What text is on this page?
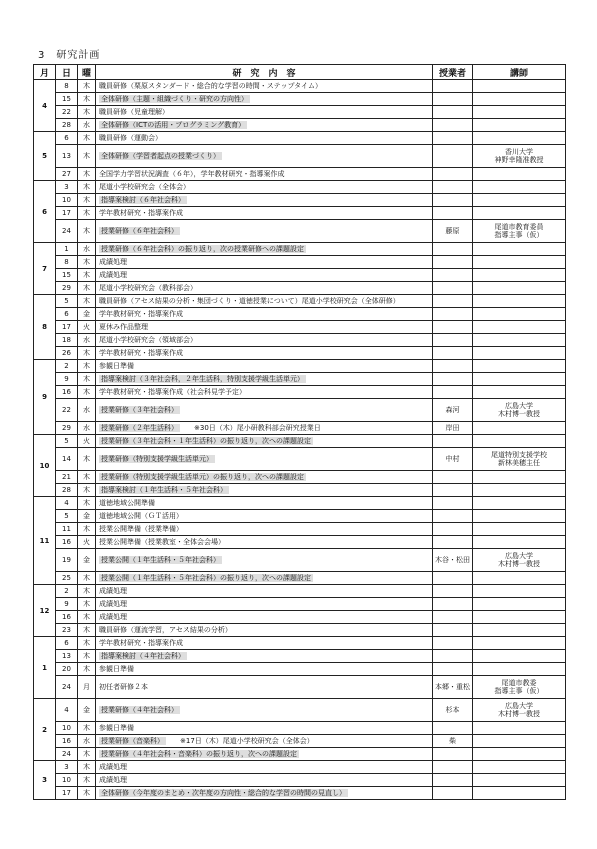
3　研究計画
月	日	曜	研　究　内　容	授業者	講師
4	8	木	職員研修（栗原スタンダード・総合的な学習の時間・ステップタイム）		
	15	木	全体研修（主題・組織づくり・研究の方向性）		
	22	木	職員研修（児童理解）		
	28	水	全体研修（ICTの活用・プログラミング教育）		
5	6	木	職員研修（運動会）		
	13	木	全体研修（学習者起点の授業づくり）		香川大学
神野幸隆准教授

	27	木	全国学力学習状況調査（６年），学年教材研究・指導案作成		
6	3	木	尾道小学校研究会（全体会）		
	10	木	指導案検討（６年社会科）		
	17	木	学年教材研究・指導案作成		
	24	木	授業研修（６年社会科）	藤原	尾道市教育委員
指導主事（仮）

7	1	水	授業研修（６年社会科）の振り返り，次の授業研修への課題設定		
	8	木	成績処理		
	15	木	成績処理		
	29	木	尾道小学校研究会（教科部会）		
8	5	木	職員研修（アセス結果の分析・集団づくり・道徳授業について）尾道小学校研究会（全体研修）		
	6	金	学年教材研究・指導案作成		
	17	火	夏休み作品整理		
	18	水	尾道小学校研究会（領域部会）		
	26	木	学年教材研究・指導案作成		
9	2	木	参観日準備		
	9	木	指導案検討（３年社会科，２年生活科，特別支援学級生活単元）		
	16	木	学年教材研究・指導案作成（社会科見学予定）		
	22	水	授業研修（３年社会科）	森河	広島大学
木村博一教授

	29	水	授業研修（２年生活科） ※30日（木）尾小研教科部会研究授業日	岸田	
10	5	火	授業研修（３年社会科・１年生活科）の振り返り，次への課題設定		
	14	木	授業研修（特別支援学級生活単元）	中村	尾道特別支援学校
新林美穂主任

	21	木	授業研修（特別支援学級生活単元）の振り返り，次への課題設定		
	28	木	指導案検討（１年生活科・５年社会科）		
11	4	木	道徳地域公開準備		
	5	金	道徳地域公開（ＧＴ活用）		
	11	木	授業公開準備（授業準備）		
	16	火	授業公開準備（授業教室・全体会会場）		
	19	金	授業公開（１年生活科・５年社会科）	木谷・松田	広島大学
木村博一教授

	25	木	授業公開（１年生活科・５年社会科）の振り返り，次への課題設定		
12	2	木	成績処理		
	9	木	成績処理		
	16	木	成績処理		
	23	木	職員研修（運流学習，アセス結果の分析）		
1	6	木	学年教材研究・指導案作成		
	13	木	指導案検討（４年社会科）		
	20	木	参観日準備		
	24	月	初任者研修２本	本郷・重松	尾道市教委
指導主事（仮）

2	4	金	授業研修（４年社会科）	杉本	広島大学
木村博一教授

	10	木	参観日準備		
	16	水	授業研修（音楽科） ※17日（木）尾道小学校研究会（全体会）	柴	
	24	木	授業研修（４年社会科・音楽科）の振り返り，次への課題設定		
3	3	木	成績処理		
	10	木	成績処理		
	17	木	全体研修（今年度のまとめ・次年度の方向性・総合的な学習の時間の見直し）		
